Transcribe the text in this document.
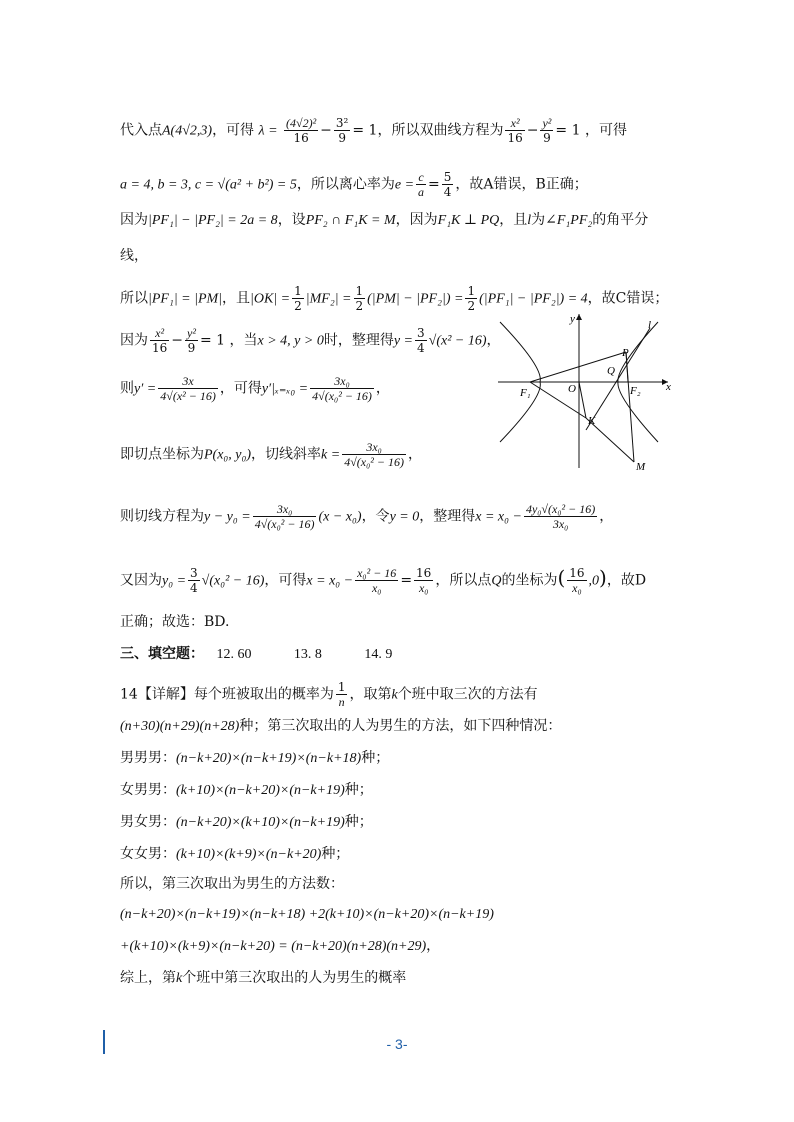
代入点A(4√2,3)，可得 $\lambda = \frac{\text{(4√2)²}}{16} - \frac{\text{3²}}{9} = 1$，所以双曲线方程为 $\frac{\text{x²}}{16} - \frac{\text{y²}}{9} = 1$ ，可得
a = 4, b = 3, c = √(a² + b²) = 5，所以离心率为$e = \frac{c}{a} = \frac{5}{4}$ ，故A错误，B正确；
因为|PF₁| − |PF₂| = 2a = 8，设PF₂ ∩ F₁K = M，因为F₁K ⊥ PQ，且l为∠F₁PF₂的角平分
线，
所以|PF₁| = |PM|，且$|OK| = \frac{1}{2} |MF_2| = \frac{1}{2} (|PM| - |PF_2|) = \frac{1}{2} (|PF_1| - |PF_2|) = 4$，故C错误；
因为 $\frac{\text{x²}}{16} - \frac{\text{y²}}{9} = 1$ ，当x > 4, y > 0时，整理得$y = \frac{3}{4} √(x^2 - 16)$，
则$y' = \frac{3x}{\text{4√(x² − 16)}}$ ，可得$y'|_{x=x0} = \frac{\text{3x₀}}{\text{4√(x₀² − 16)}}$ ，
即切点坐标为P(x₀, y₀)，切线斜率$k = \frac{\text{3x₀}}{\text{4√(x₀² − 16)}}$ ，
y
x
l
P
Q
O
F₁	F₂
K
M
则切线方程为$y - y_0 = \frac{\text{3x₀}}{\text{4√(x₀² − 16)}} (x - x_0)$，令y = 0，整理得$x = x_0 - \frac{\text{4y₀√(x₀² − 16)}}{\text{3x₀}}$ ，
又因为$y_0 = \frac{3}{4} √(x_0^2 - 16)$，可得$x = x_0 - \frac{\text{x₀² − 16}}{\text{x₀}} = \frac{16}{\text{x₀}}$ ，所以点Q的坐标为( $\frac{16}{\text{x₀}} ,0$)，故D
正确；故选：BD.
三、填空题： 12. 60	13. 8	14. 9
14【详解】每个班被取出的概率为 $\frac{1}{n}$ ，取第k个班中取三次的方法有
(n+30)(n+29)(n+28)种；第三次取出的人为男生的方法，如下四种情况：
男男男：(n−k+20)×(n−k+19)×(n−k+18)种；
女男男：(k+10)×(n−k+20)×(n−k+19)种；
男女男：(n−k+20)×(k+10)×(n−k+19)种；
女女男：(k+10)×(k+9)×(n−k+20)种；
所以，第三次取出为男生的方法数：
(n−k+20)×(n−k+19)×(n−k+18) +2(k+10)×(n−k+20)×(n−k+19)
+(k+10)×(k+9)×(n−k+20) = (n−k+20)(n+28)(n+29)，
综上，第k个班中第三次取出的人为男生的概率
- 3-
